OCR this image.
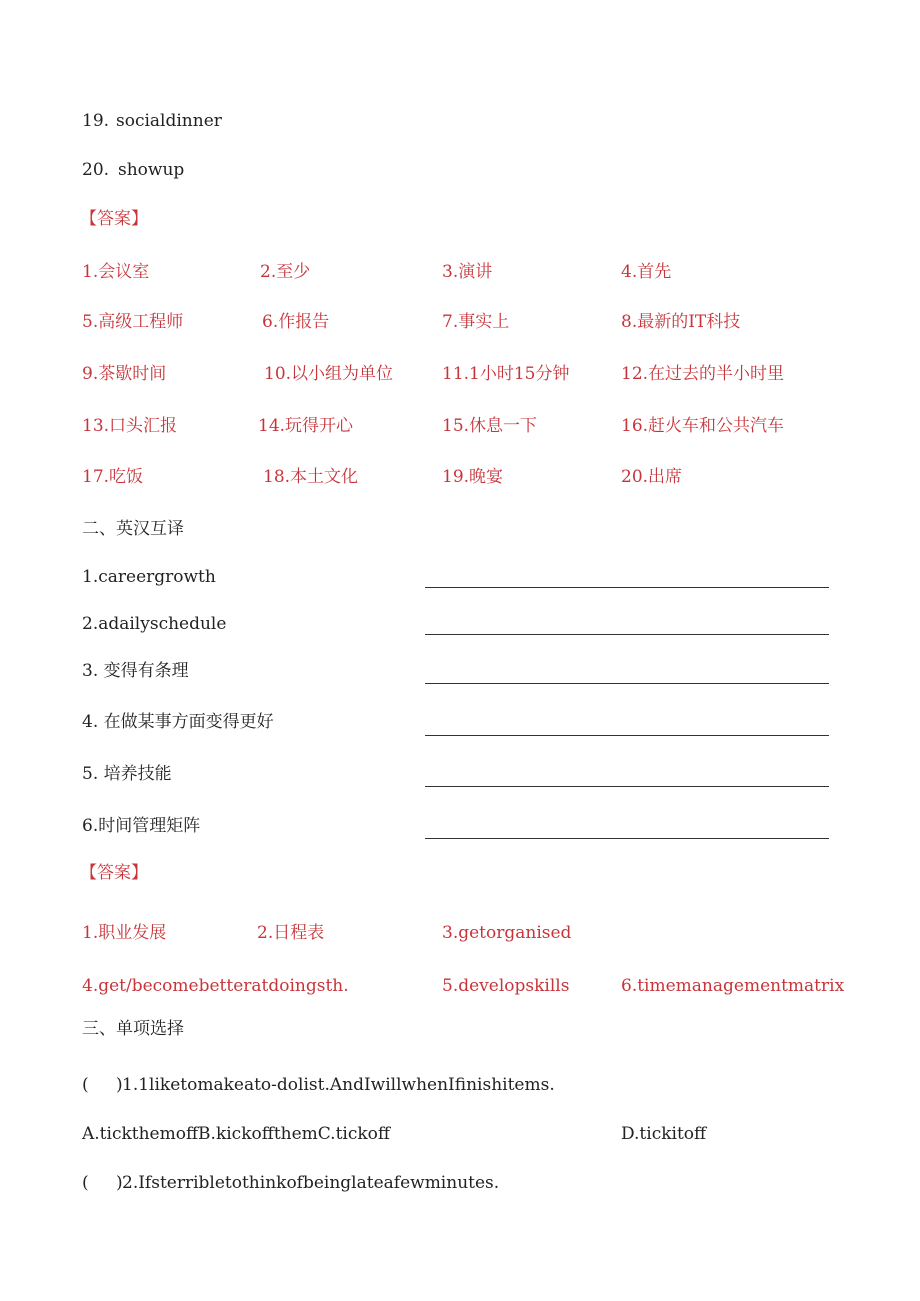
19. socialdinner
20. showup
【答案】
1.会议室	2.至少	3.演讲	4.首先
5.高级工程师	6.作报告	7.事实上	8.最新的IT科技
9.茶歇时间	10.以小组为单位	11.1小时15分钟	12.在过去的半小时里
13.口头汇报	14.玩得开心	15.休息一下	16.赶火车和公共汽车
17.吃饭	18.本土文化	19.晚宴	20.出席
二、英汉互译
1.careergrowth
2.adailyschedule
3. 变得有条理
4. 在做某事方面变得更好
5. 培养技能
6.时间管理矩阵
【答案】
1.职业发展	2.日程表	3.getorganised
4.get/becomebetteratdoingsth.	5.developskills	6.timemanagementmatrix
三、单项选择
( ) 1.1liketomakeato-dolist.AndIwillwhenIfinishitems.
A.tickthemoffB.kickoffthemC.tickoff	D.tickitoff
( ) 2.Ifsterribletothinkofbeinglateafewminutes.
